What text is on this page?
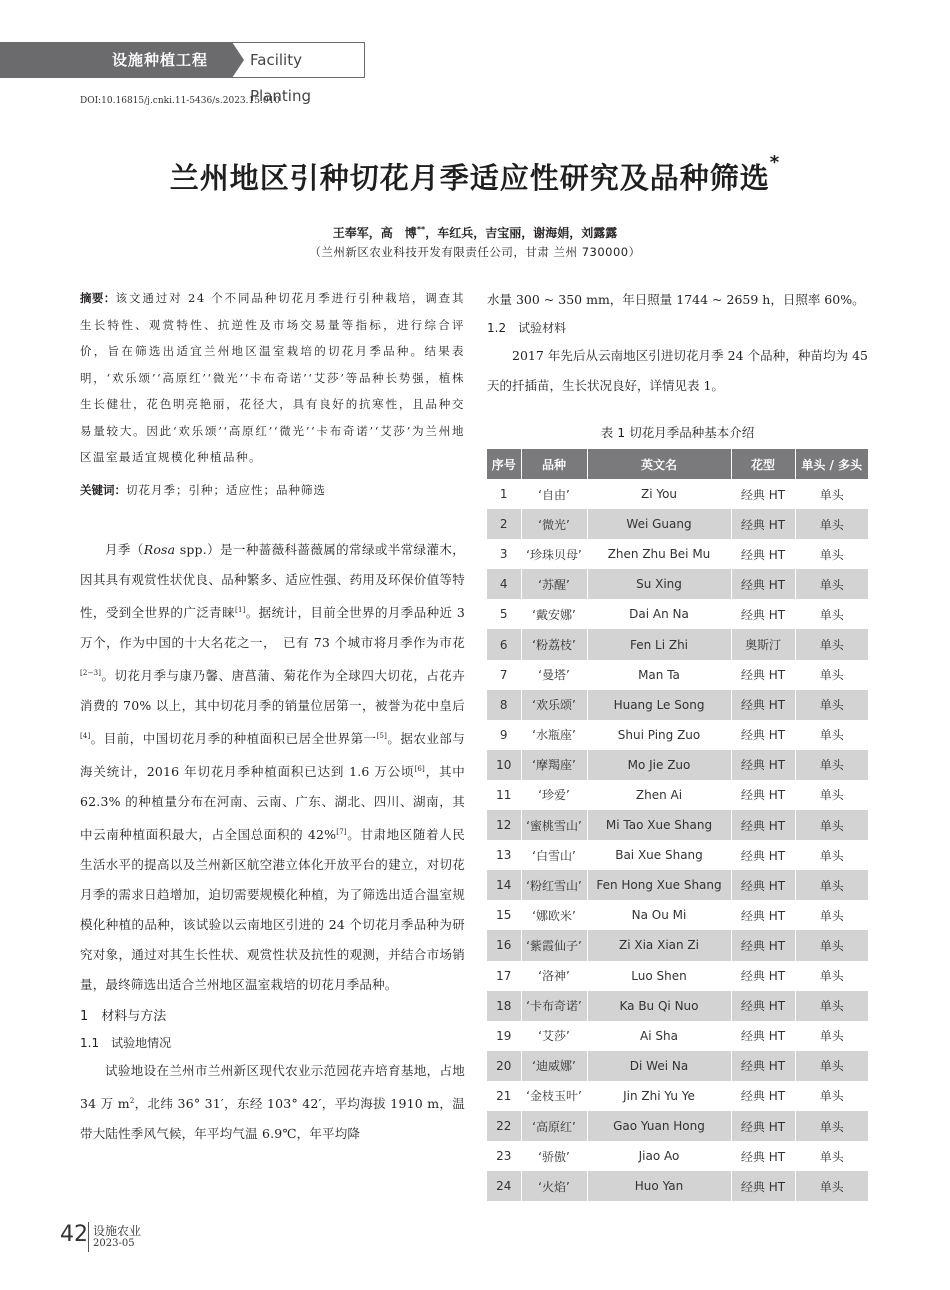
设施种植工程	Facility Planting
DOI:10.16815/j.cnki.11-5436/s.2023.15.010
兰州地区引种切花月季适应性研究及品种筛选*
王奉军，高　博**，车红兵，吉宝丽，谢海娟，刘露露
（兰州新区农业科技开发有限责任公司，甘肃 兰州 730000）

摘要：该文通过对 24 个不同品种切花月季进行引种栽培，调查其生长特性、观赏特性、抗逆性及市场交易量等指标，进行综合评价，旨在筛选出适宜兰州地区温室栽培的切花月季品种。结果表明，‘欢乐颂’‘高原红’‘微光’‘卡布奇诺’‘艾莎’等品种长势强，植株生长健壮，花色明亮艳丽，花径大，具有良好的抗寒性，且品种交易量较大。因此‘欢乐颂’‘高原红’‘微光’‘卡布奇诺’‘艾莎’为兰州地区温室最适宜规模化种植品种。

关键词：切花月季；引种；适应性；品种筛选

月季（Rosa spp.）是一种蔷薇科蔷薇属的常绿或半常绿灌木，因其具有观赏性状优良、品种繁多、适应性强、药用及环保价值等特性，受到全世界的广泛青睐[1]。据统计，目前全世界的月季品种近 3 万个，作为中国的十大名花之一，　已有 73 个城市将月季作为市花[2−3]。切花月季与康乃馨、唐菖蒲、菊花作为全球四大切花，占花卉消费的 70% 以上，其中切花月季的销量位居第一，被誉为花中皇后[4]。目前，中国切花月季的种植面积已居全世界第一[5]。据农业部与海关统计，2016 年切花月季种植面积已达到 1.6 万公顷[6]，其中 62.3% 的种植量分布在河南、云南、广东、湖北、四川、湖南，其中云南种植面积最大，占全国总面积的 42%[7]。甘肃地区随着人民生活水平的提高以及兰州新区航空港立体化开放平台的建立，对切花月季的需求日趋增加，迫切需要规模化种植，为了筛选出适合温室规模化种植的品种，该试验以云南地区引进的 24 个切花月季品种为研究对象，通过对其生长性状、观赏性状及抗性的观测，并结合市场销量，最终筛选出适合兰州地区温室栽培的切花月季品种。

1　材料与方法
1.1　试验地情况

试验地设在兰州市兰州新区现代农业示范园花卉培育基地，占地 34 万 $m^2$，北纬 36° 31′，东经 103° 42′，平均海拔 1910 m，温带大陆性季风气候，年平均气温 6.9℃，年平均降

水量 300 ~ 350 mm，年日照量 1744 ~ 2659 h，日照率 60%。

1.2　试验材料

2017 年先后从云南地区引进切花月季 24 个品种，种苗均为 45 天的扦插苗，生长状况良好，详情见表 1。

表 1 切花月季品种基本介绍
序号	品种	英文名	花型	单头 / 多头
1	‘自由’	Zi You	经典 HT	单头
2	‘微光’	Wei Guang	经典 HT	单头
3	‘珍珠贝母’	Zhen Zhu Bei Mu	经典 HT	单头
4	‘苏醒’	Su Xing	经典 HT	单头
5	‘戴安娜’	Dai An Na	经典 HT	单头
6	‘粉荔枝’	Fen Li Zhi	奥斯汀	单头
7	‘曼塔’	Man Ta	经典 HT	单头
8	‘欢乐颂’	Huang Le Song	经典 HT	单头
9	‘水瓶座’	Shui Ping Zuo	经典 HT	单头
10	‘摩羯座’	Mo Jie Zuo	经典 HT	单头
11	‘珍爱’	Zhen Ai	经典 HT	单头
12	‘蜜桃雪山’	Mi Tao Xue Shang	经典 HT	单头
13	‘白雪山’	Bai Xue Shang	经典 HT	单头
14	‘粉红雪山’	Fen Hong Xue Shang	经典 HT	单头
15	‘娜欧米’	Na Ou Mi	经典 HT	单头
16	‘紫霞仙子’	Zi Xia Xian Zi	经典 HT	单头
17	‘洛神’	Luo Shen	经典 HT	单头
18	‘卡布奇诺’	Ka Bu Qi Nuo	经典 HT	单头
19	‘艾莎’	Ai Sha	经典 HT	单头
20	‘迪威娜’	Di Wei Na	经典 HT	单头
21	‘金枝玉叶’	Jin Zhi Yu Ye	经典 HT	单头
22	‘高原红’	Gao Yuan Hong	经典 HT	单头
23	‘骄傲’	Jiao Ao	经典 HT	单头
24	‘火焰’	Huo Yan	经典 HT	单头
42 设施农业
2023-05
